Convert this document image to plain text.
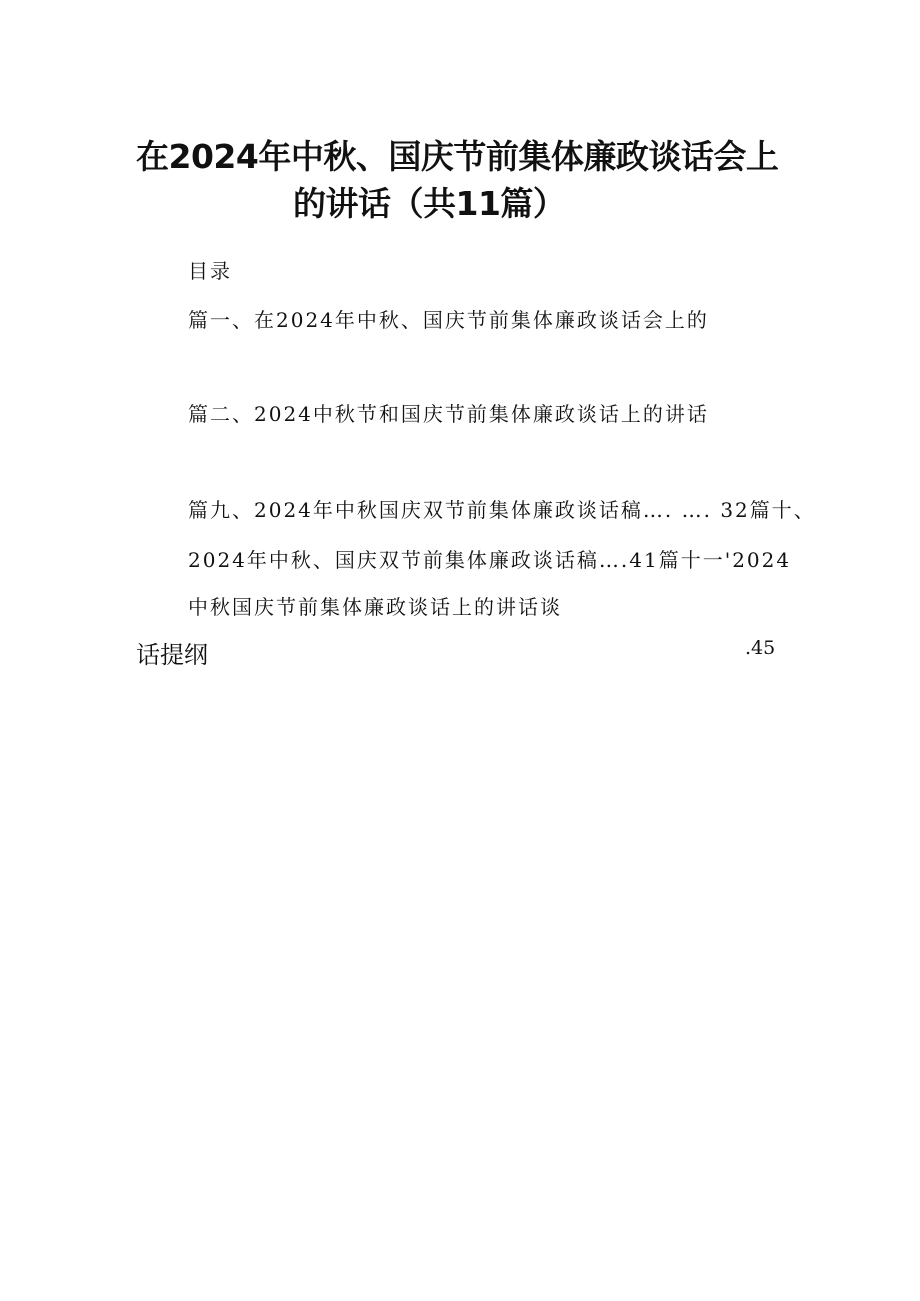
在2024年中秋、国庆节前集体廉政谈话会上
的讲话（共11篇）
目录
篇一、在2024年中秋、国庆节前集体廉政谈话会上的
篇二、2024中秋节和国庆节前集体廉政谈话上的讲话
篇九、2024年中秋国庆双节前集体廉政谈话稿…. …. 32篇十、
2024年中秋、国庆双节前集体廉政谈话稿….41篇十一'2024
中秋国庆节前集体廉政谈话上的讲话谈
话提纲	.45
